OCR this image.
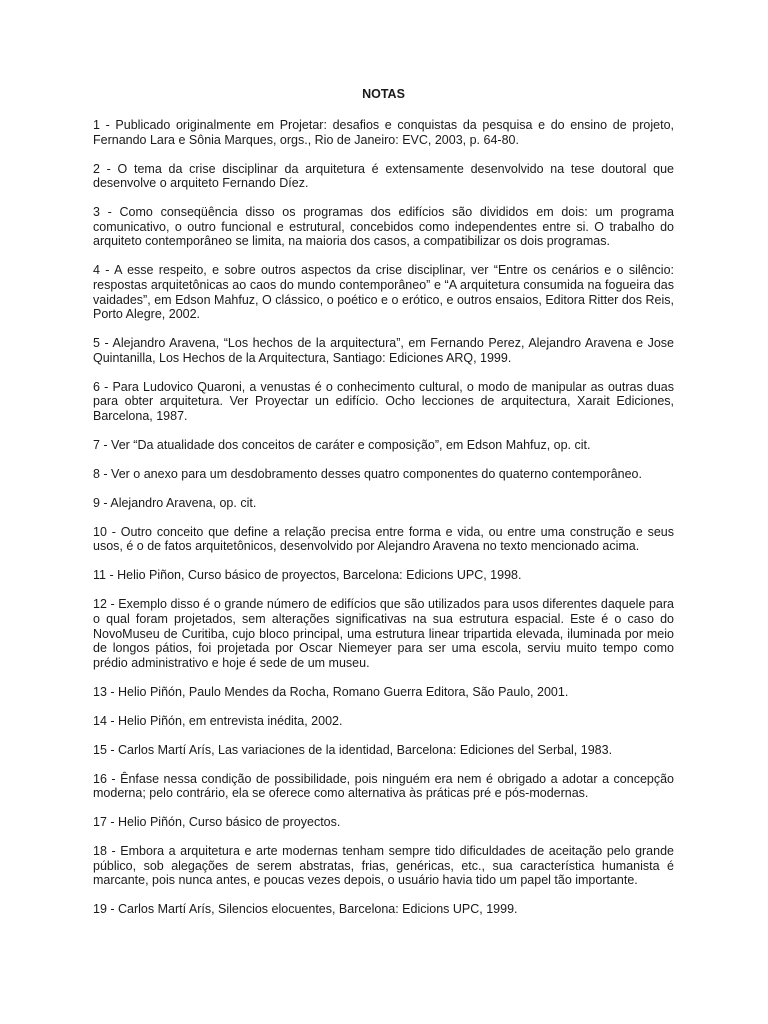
NOTAS

1 - Publicado originalmente em Projetar: desafios e conquistas da pesquisa e do ensino de projeto, Fernando Lara e Sônia Marques, orgs., Rio de Janeiro: EVC, 2003, p. 64-80.

2 - O tema da crise disciplinar da arquitetura é extensamente desenvolvido na tese doutoral que desenvolve o arquiteto Fernando Díez.

3 - Como conseqüência disso os programas dos edifícios são divididos em dois: um programa comunicativo, o outro funcional e estrutural, concebidos como independentes entre si. O trabalho do arquiteto contemporâneo se limita, na maioria dos casos, a compatibilizar os dois programas.

4 - A esse respeito, e sobre outros aspectos da crise disciplinar, ver “Entre os cenários e o silêncio: respostas arquitetônicas ao caos do mundo contemporâneo” e “A arquitetura consumida na fogueira das vaidades”, em Edson Mahfuz, O clássico, o poético e o erótico, e outros ensaios, Editora Ritter dos Reis, Porto Alegre, 2002.

5 - Alejandro Aravena, “Los hechos de la arquitectura”, em Fernando Perez, Alejandro Aravena e Jose Quintanilla, Los Hechos de la Arquitectura, Santiago: Ediciones ARQ, 1999.

6 - Para Ludovico Quaroni, a venustas é o conhecimento cultural, o modo de manipular as outras duas para obter arquitetura. Ver Proyectar un edifício. Ocho lecciones de arquitectura, Xarait Ediciones, Barcelona, 1987.

7 - Ver “Da atualidade dos conceitos de caráter e composição”, em Edson Mahfuz, op. cit.

8 - Ver o anexo para um desdobramento desses quatro componentes do quaterno contemporâneo.

9 - Alejandro Aravena, op. cit.

10 - Outro conceito que define a relação precisa entre forma e vida, ou entre uma construção e seus usos, é o de fatos arquitetônicos, desenvolvido por Alejandro Aravena no texto mencionado acima.

11 - Helio Piñon, Curso básico de proyectos, Barcelona: Edicions UPC, 1998.

12 - Exemplo disso é o grande número de edifícios que são utilizados para usos diferentes daquele para o qual foram projetados, sem alterações significativas na sua estrutura espacial. Este é o caso do NovoMuseu de Curitiba, cujo bloco principal, uma estrutura linear tripartida elevada, iluminada por meio de longos pátios, foi projetada por Oscar Niemeyer para ser uma escola, serviu muito tempo como prédio administrativo e hoje é sede de um museu.

13 - Helio Piñón, Paulo Mendes da Rocha, Romano Guerra Editora, São Paulo, 2001.

14 - Helio Piñón, em entrevista inédita, 2002.

15 - Carlos Martí Arís, Las variaciones de la identidad, Barcelona: Ediciones del Serbal, 1983.

16 - Ênfase nessa condição de possibilidade, pois ninguém era nem é obrigado a adotar a concepção moderna; pelo contrário, ela se oferece como alternativa às práticas pré e pós-modernas.

17 - Helio Piñón, Curso básico de proyectos.

18 - Embora a arquitetura e arte modernas tenham sempre tido dificuldades de aceitação pelo grande público, sob alegações de serem abstratas, frias, genéricas, etc., sua característica humanista é marcante, pois nunca antes, e poucas vezes depois, o usuário havia tido um papel tão importante.

19 - Carlos Martí Arís, Silencios elocuentes, Barcelona: Edicions UPC, 1999.
